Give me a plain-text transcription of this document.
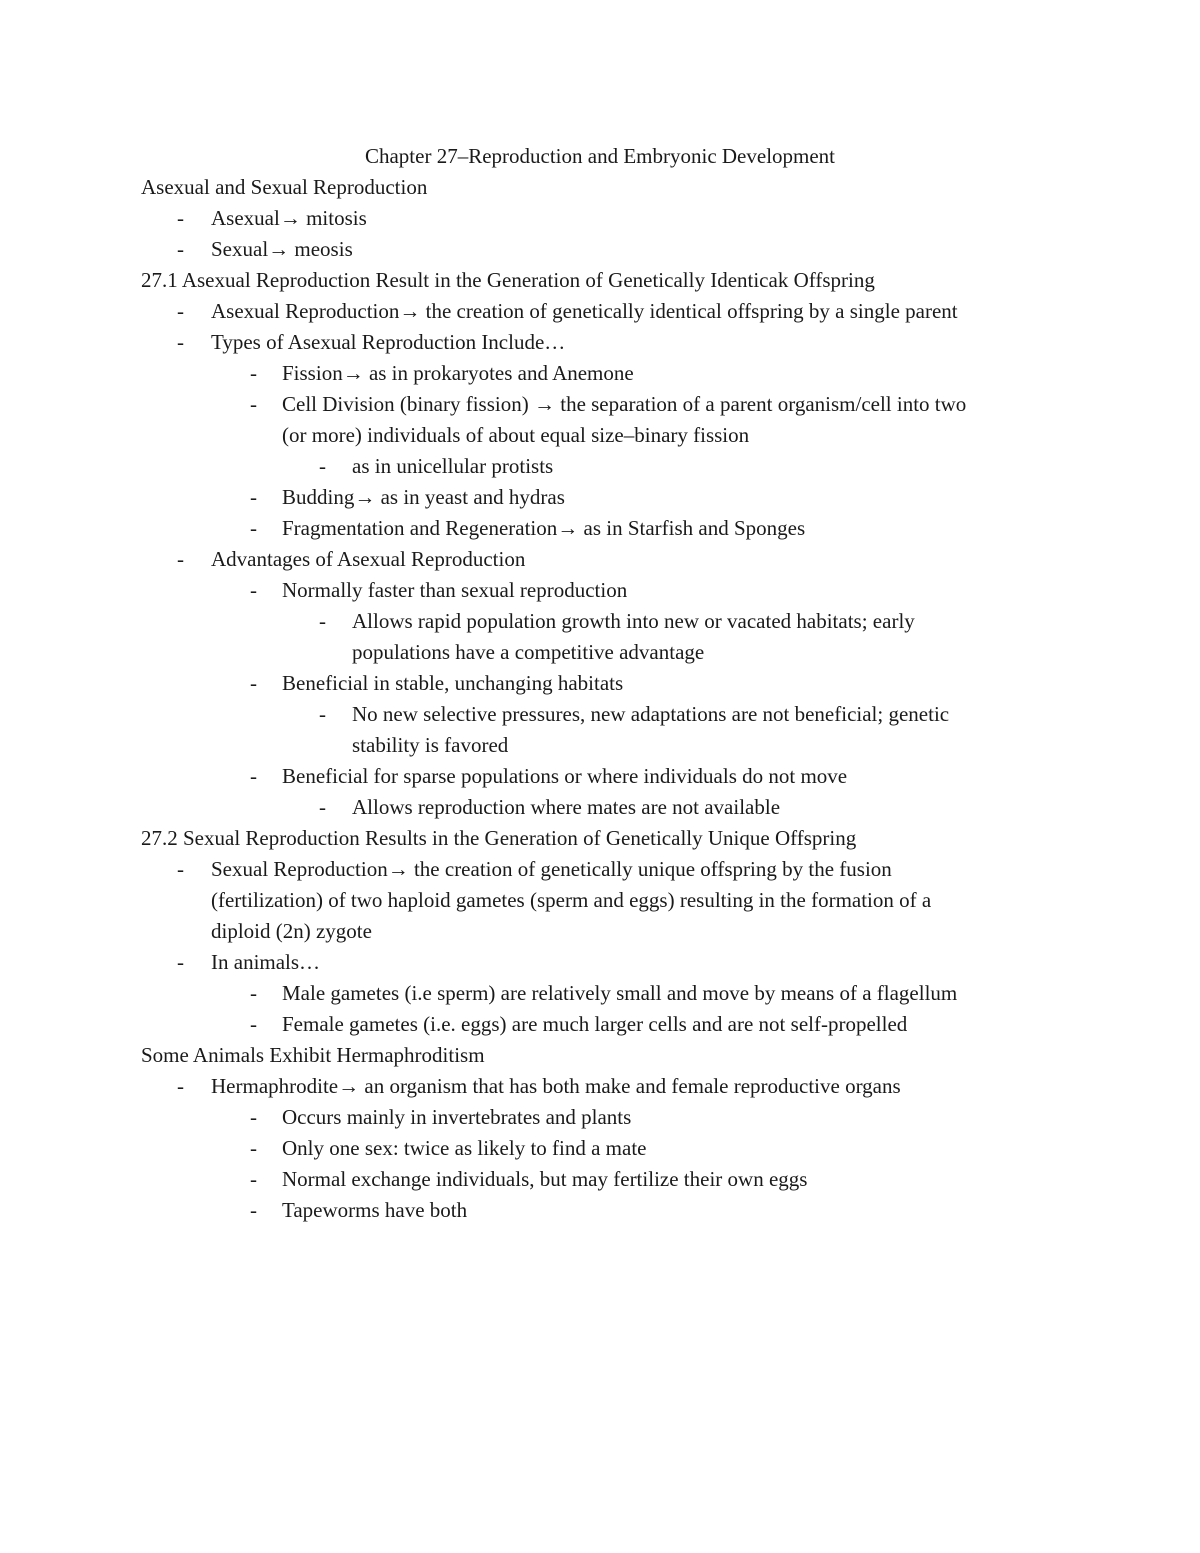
Chapter 27–Reproduction and Embryonic Development
Asexual and Sexual Reproduction
- Asexual→ mitosis
- Sexual→ meosis
27.1 Asexual Reproduction Result in the Generation of Genetically Identicak Offspring
- Asexual Reproduction→ the creation of genetically identical offspring by a single parent
- Types of Asexual Reproduction Include…
- Fission→ as in prokaryotes and Anemone
- Cell Division (binary fission) → the separation of a parent organism/cell into two
(or more) individuals of about equal size–binary fission
- as in unicellular protists
- Budding→ as in yeast and hydras
- Fragmentation and Regeneration→ as in Starfish and Sponges
- Advantages of Asexual Reproduction
- Normally faster than sexual reproduction
- Allows rapid population growth into new or vacated habitats; early
populations have a competitive advantage
- Beneficial in stable, unchanging habitats
- No new selective pressures, new adaptations are not beneficial; genetic
stability is favored
- Beneficial for sparse populations or where individuals do not move
- Allows reproduction where mates are not available
27.2 Sexual Reproduction Results in the Generation of Genetically Unique Offspring
- Sexual Reproduction→ the creation of genetically unique offspring by the fusion
(fertilization) of two haploid gametes (sperm and eggs) resulting in the formation of a
diploid (2n) zygote
- In animals…
- Male gametes (i.e sperm) are relatively small and move by means of a flagellum
- Female gametes (i.e. eggs) are much larger cells and are not self-propelled
Some Animals Exhibit Hermaphroditism
- Hermaphrodite→ an organism that has both make and female reproductive organs
- Occurs mainly in invertebrates and plants
- Only one sex: twice as likely to find a mate
- Normal exchange individuals, but may fertilize their own eggs
- Tapeworms have both
